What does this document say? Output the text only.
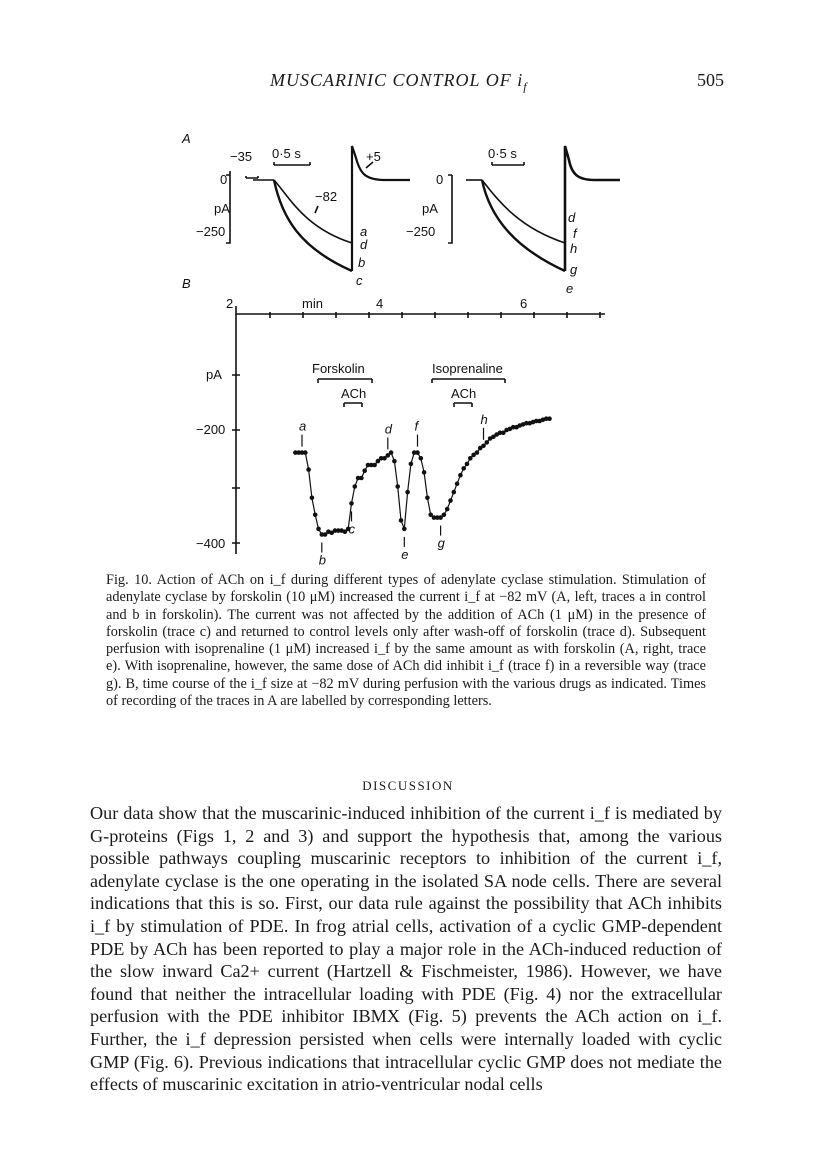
MUSCARINIC CONTROL OF $i_f$	505
A
B
−35 0·5 s	+5
−82
0
pA
−250	a
d
b
c
0·5 s
0
pA
−250
d
f
h
g
e
2	min	4	6
pA
−200
−400
Forskolin
ACh
Isoprenaline
ACh
a
b
c
d
e
f
g
h

Fig. 10. Action of ACh on i_f during different types of adenylate cyclase stimulation. Stimulation of adenylate cyclase by forskolin (10 μM) increased the current i_f at −82 mV (A, left, traces a in control and b in forskolin). The current was not affected by the addition of ACh (1 μM) in the presence of forskolin (trace c) and returned to control levels only after wash-off of forskolin (trace d). Subsequent perfusion with isoprenaline (1 μM) increased i_f by the same amount as with forskolin (A, right, trace e). With isoprenaline, however, the same dose of ACh did inhibit i_f (trace f) in a reversible way (trace g). B, time course of the i_f size at −82 mV during perfusion with the various drugs as indicated. Times of recording of the traces in A are labelled by corresponding letters.

DISCUSSION

Our data show that the muscarinic-induced inhibition of the current i_f is mediated by G-proteins (Figs 1, 2 and 3) and support the hypothesis that, among the various possible pathways coupling muscarinic receptors to inhibition of the current i_f, adenylate cyclase is the one operating in the isolated SA node cells. There are several indications that this is so. First, our data rule against the possibility that ACh inhibits i_f by stimulation of PDE. In frog atrial cells, activation of a cyclic GMP-dependent PDE by ACh has been reported to play a major role in the ACh-induced reduction of the slow inward Ca2+ current (Hartzell & Fischmeister, 1986). However, we have found that neither the intracellular loading with PDE (Fig. 4) nor the extracellular perfusion with the PDE inhibitor IBMX (Fig. 5) prevents the ACh action on i_f. Further, the i_f depression persisted when cells were internally loaded with cyclic GMP (Fig. 6). Previous indications that intracellular cyclic GMP does not mediate the effects of muscarinic excitation in atrio-ventricular nodal cells
